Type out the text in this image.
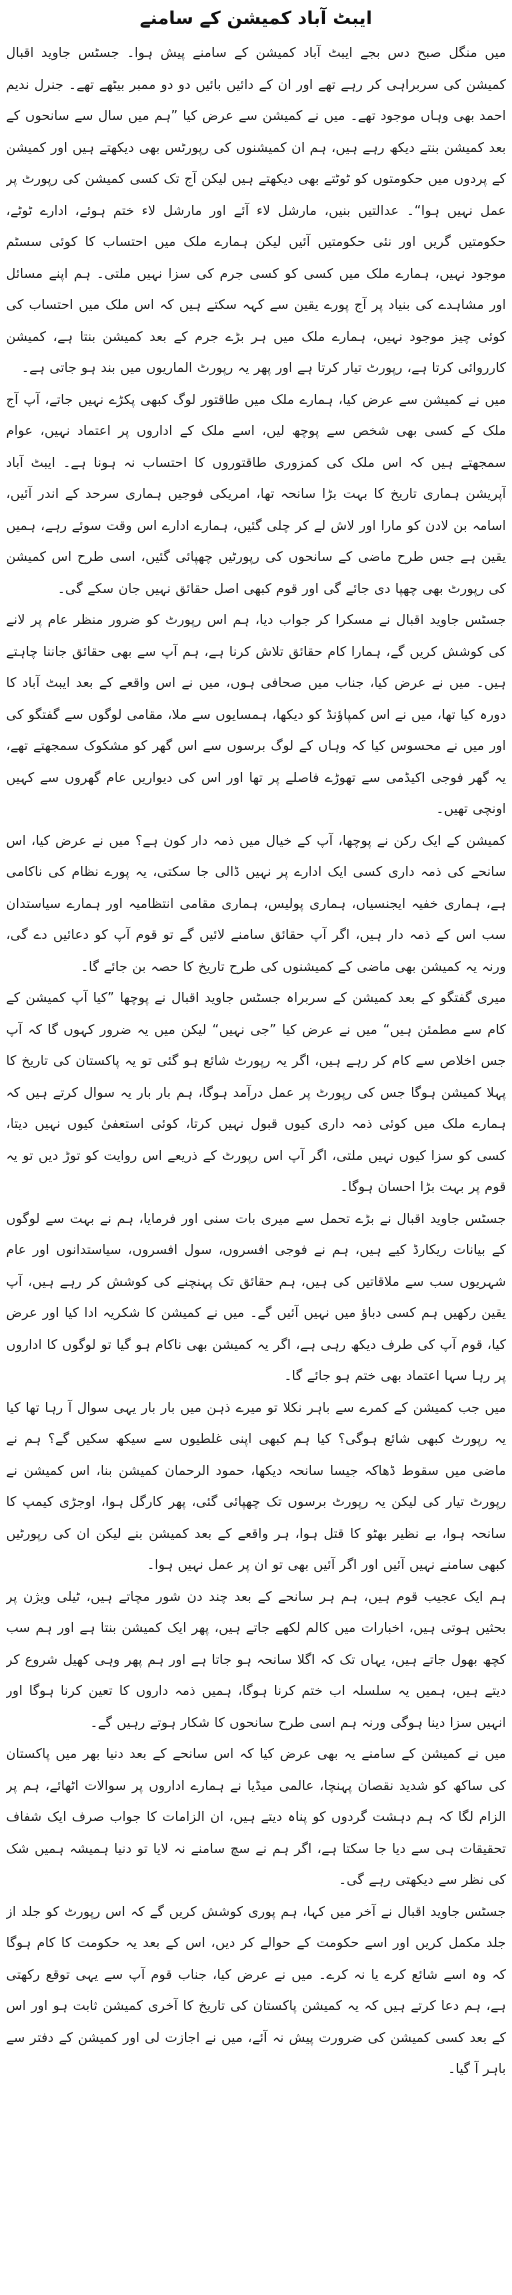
ایبٹ آباد کمیشن کے سامنے
میں منگل صبح دس بجے ایبٹ آباد کمیشن کے سامنے پیش ہوا۔ جسٹس جاوید اقبال کمیشن کی سربراہی کر رہے تھے اور ان کے دائیں بائیں دو دو ممبر بیٹھے تھے۔ جنرل ندیم احمد بھی وہاں موجود تھے۔ میں نے کمیشن سے عرض کیا ”ہم میں سال سے سانحوں کے بعد کمیشن بنتے دیکھ رہے ہیں، ہم ان کمیشنوں کی رپورٹس بھی دیکھتے ہیں اور کمیشن کے پردوں میں حکومتوں کو ٹوٹتے بھی دیکھتے ہیں لیکن آج تک کسی کمیشن کی رپورٹ پر عمل نہیں ہوا“۔ عدالتیں بنیں، مارشل لاء آئے اور مارشل لاء ختم ہوئے، ادارے ٹوٹے، حکومتیں گریں اور نئی حکومتیں آئیں لیکن ہمارے ملک میں احتساب کا کوئی سسٹم موجود نہیں، ہمارے ملک میں کسی کو کسی جرم کی سزا نہیں ملتی۔ ہم اپنے مسائل اور مشاہدے کی بنیاد پر آج پورے یقین سے کہہ سکتے ہیں کہ اس ملک میں احتساب کی کوئی چیز موجود نہیں، ہمارے ملک میں ہر بڑے جرم کے بعد کمیشن بنتا ہے، کمیشن کارروائی کرتا ہے، رپورٹ تیار کرتا ہے اور پھر یہ رپورٹ الماریوں میں بند ہو جاتی ہے۔
میں نے کمیشن سے عرض کیا، ہمارے ملک میں طاقتور لوگ کبھی پکڑے نہیں جاتے، آپ آج ملک کے کسی بھی شخص سے پوچھ لیں، اسے ملک کے اداروں پر اعتماد نہیں، عوام سمجھتے ہیں کہ اس ملک کی کمزوری طاقتوروں کا احتساب نہ ہونا ہے۔ ایبٹ آباد آپریشن ہماری تاریخ کا بہت بڑا سانحہ تھا، امریکی فوجیں ہماری سرحد کے اندر آئیں، اسامہ بن لادن کو مارا اور لاش لے کر چلی گئیں، ہمارے ادارے اس وقت سوئے رہے، ہمیں یقین ہے جس طرح ماضی کے سانحوں کی رپورٹیں چھپائی گئیں، اسی طرح اس کمیشن کی رپورٹ بھی چھپا دی جائے گی اور قوم کبھی اصل حقائق نہیں جان سکے گی۔
جسٹس جاوید اقبال نے مسکرا کر جواب دیا، ہم اس رپورٹ کو ضرور منظر عام پر لانے کی کوشش کریں گے، ہمارا کام حقائق تلاش کرنا ہے، ہم آپ سے بھی حقائق جاننا چاہتے ہیں۔ میں نے عرض کیا، جناب میں صحافی ہوں، میں نے اس واقعے کے بعد ایبٹ آباد کا دورہ کیا تھا، میں نے اس کمپاؤنڈ کو دیکھا، ہمسایوں سے ملا، مقامی لوگوں سے گفتگو کی اور میں نے محسوس کیا کہ وہاں کے لوگ برسوں سے اس گھر کو مشکوک سمجھتے تھے، یہ گھر فوجی اکیڈمی سے تھوڑے فاصلے پر تھا اور اس کی دیواریں عام گھروں سے کہیں اونچی تھیں۔
کمیشن کے ایک رکن نے پوچھا، آپ کے خیال میں ذمہ دار کون ہے؟ میں نے عرض کیا، اس سانحے کی ذمہ داری کسی ایک ادارے پر نہیں ڈالی جا سکتی، یہ پورے نظام کی ناکامی ہے، ہماری خفیہ ایجنسیاں، ہماری پولیس، ہماری مقامی انتظامیہ اور ہمارے سیاستدان سب اس کے ذمہ دار ہیں، اگر آپ حقائق سامنے لائیں گے تو قوم آپ کو دعائیں دے گی، ورنہ یہ کمیشن بھی ماضی کے کمیشنوں کی طرح تاریخ کا حصہ بن جائے گا۔
میری گفتگو کے بعد کمیشن کے سربراہ جسٹس جاوید اقبال نے پوچھا ”کیا آپ کمیشن کے کام سے مطمئن ہیں“ میں نے عرض کیا ”جی نہیں“ لیکن میں یہ ضرور کہوں گا کہ آپ جس اخلاص سے کام کر رہے ہیں، اگر یہ رپورٹ شائع ہو گئی تو یہ پاکستان کی تاریخ کا پہلا کمیشن ہوگا جس کی رپورٹ پر عمل درآمد ہوگا، ہم بار بار یہ سوال کرتے ہیں کہ ہمارے ملک میں کوئی ذمہ داری کیوں قبول نہیں کرتا، کوئی استعفیٰ کیوں نہیں دیتا، کسی کو سزا کیوں نہیں ملتی، اگر آپ اس رپورٹ کے ذریعے اس روایت کو توڑ دیں تو یہ قوم پر بہت بڑا احسان ہوگا۔
جسٹس جاوید اقبال نے بڑے تحمل سے میری بات سنی اور فرمایا، ہم نے بہت سے لوگوں کے بیانات ریکارڈ کیے ہیں، ہم نے فوجی افسروں، سول افسروں، سیاستدانوں اور عام شہریوں سب سے ملاقاتیں کی ہیں، ہم حقائق تک پہنچنے کی کوشش کر رہے ہیں، آپ یقین رکھیں ہم کسی دباؤ میں نہیں آئیں گے۔ میں نے کمیشن کا شکریہ ادا کیا اور عرض کیا، قوم آپ کی طرف دیکھ رہی ہے، اگر یہ کمیشن بھی ناکام ہو گیا تو لوگوں کا اداروں پر رہا سہا اعتماد بھی ختم ہو جائے گا۔
میں جب کمیشن کے کمرے سے باہر نکلا تو میرے ذہن میں بار بار یہی سوال آ رہا تھا کیا یہ رپورٹ کبھی شائع ہوگی؟ کیا ہم کبھی اپنی غلطیوں سے سیکھ سکیں گے؟ ہم نے ماضی میں سقوط ڈھاکہ جیسا سانحہ دیکھا، حمود الرحمان کمیشن بنا، اس کمیشن نے رپورٹ تیار کی لیکن یہ رپورٹ برسوں تک چھپائی گئی، پھر کارگل ہوا، اوجڑی کیمپ کا سانحہ ہوا، بے نظیر بھٹو کا قتل ہوا، ہر واقعے کے بعد کمیشن بنے لیکن ان کی رپورٹیں کبھی سامنے نہیں آئیں اور اگر آئیں بھی تو ان پر عمل نہیں ہوا۔
ہم ایک عجیب قوم ہیں، ہم ہر سانحے کے بعد چند دن شور مچاتے ہیں، ٹیلی ویژن پر بحثیں ہوتی ہیں، اخبارات میں کالم لکھے جاتے ہیں، پھر ایک کمیشن بنتا ہے اور ہم سب کچھ بھول جاتے ہیں، یہاں تک کہ اگلا سانحہ ہو جاتا ہے اور ہم پھر وہی کھیل شروع کر دیتے ہیں، ہمیں یہ سلسلہ اب ختم کرنا ہوگا، ہمیں ذمہ داروں کا تعین کرنا ہوگا اور انہیں سزا دینا ہوگی ورنہ ہم اسی طرح سانحوں کا شکار ہوتے رہیں گے۔
میں نے کمیشن کے سامنے یہ بھی عرض کیا کہ اس سانحے کے بعد دنیا بھر میں پاکستان کی ساکھ کو شدید نقصان پہنچا، عالمی میڈیا نے ہمارے اداروں پر سوالات اٹھائے، ہم پر الزام لگا کہ ہم دہشت گردوں کو پناہ دیتے ہیں، ان الزامات کا جواب صرف ایک شفاف تحقیقات ہی سے دیا جا سکتا ہے، اگر ہم نے سچ سامنے نہ لایا تو دنیا ہمیشہ ہمیں شک کی نظر سے دیکھتی رہے گی۔
جسٹس جاوید اقبال نے آخر میں کہا، ہم پوری کوشش کریں گے کہ اس رپورٹ کو جلد از جلد مکمل کریں اور اسے حکومت کے حوالے کر دیں، اس کے بعد یہ حکومت کا کام ہوگا کہ وہ اسے شائع کرے یا نہ کرے۔ میں نے عرض کیا، جناب قوم آپ سے یہی توقع رکھتی ہے، ہم دعا کرتے ہیں کہ یہ کمیشن پاکستان کی تاریخ کا آخری کمیشن ثابت ہو اور اس کے بعد کسی کمیشن کی ضرورت پیش نہ آئے، میں نے اجازت لی اور کمیشن کے دفتر سے باہر آ گیا۔
